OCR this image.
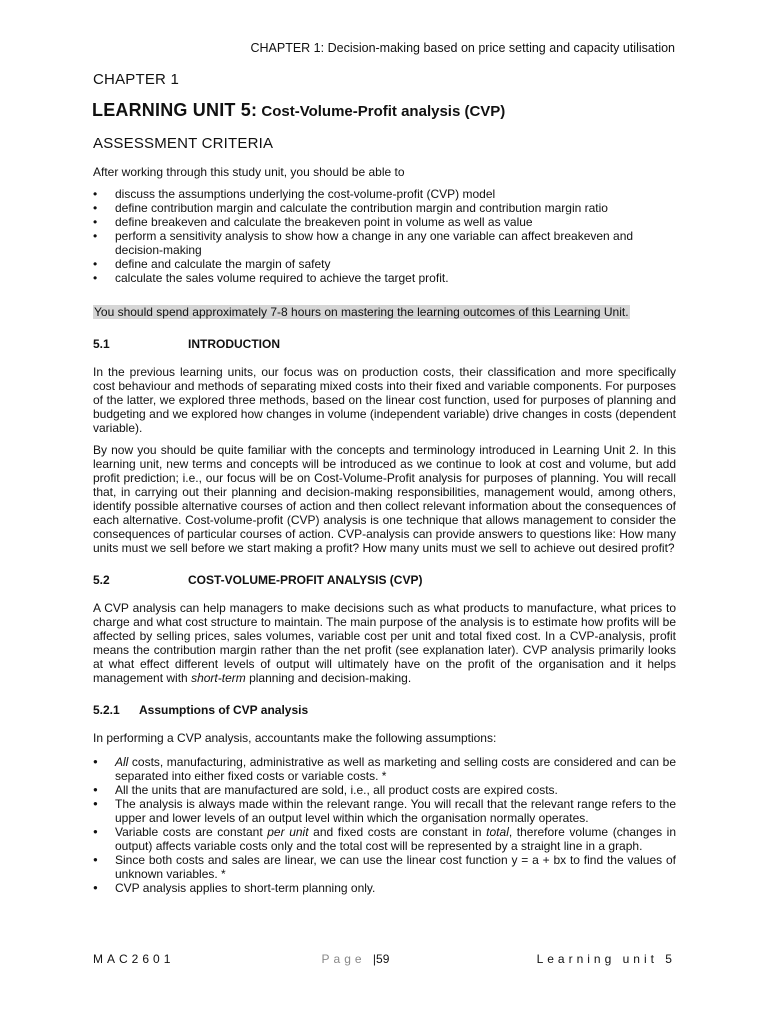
CHAPTER 1: Decision-making based on price setting and capacity utilisation
CHAPTER 1
LEARNING UNIT 5: Cost-Volume-Profit analysis (CVP)
ASSESSMENT CRITERIA

After working through this study unit, you should be able to

• discuss the assumptions underlying the cost-volume-profit (CVP) model
• define contribution margin and calculate the contribution margin and contribution margin ratio
• define breakeven and calculate the breakeven point in volume as well as value
• perform a sensitivity analysis to show how a change in any one variable can affect breakeven and decision-making
• define and calculate the margin of safety
• calculate the sales volume required to achieve the target profit.
You should spend approximately 7-8 hours on mastering the learning outcomes of this Learning Unit.
5.1	INTRODUCTION

In the previous learning units, our focus was on production costs, their classification and more specifically cost behaviour and methods of separating mixed costs into their fixed and variable components. For purposes of the latter, we explored three methods, based on the linear cost function, used for purposes of planning and budgeting and we explored how changes in volume (independent variable) drive changes in costs (dependent variable).

By now you should be quite familiar with the concepts and terminology introduced in Learning Unit 2. In this learning unit, new terms and concepts will be introduced as we continue to look at cost and volume, but add profit prediction; i.e., our focus will be on Cost-Volume-Profit analysis for purposes of planning. You will recall that, in carrying out their planning and decision-making responsibilities, management would, among others, identify possible alternative courses of action and then collect relevant information about the consequences of each alternative. Cost-volume-profit (CVP) analysis is one technique that allows management to consider the consequences of particular courses of action. CVP-analysis can provide answers to questions like: How many units must we sell before we start making a profit? How many units must we sell to achieve out desired profit?

5.2	COST-VOLUME-PROFIT ANALYSIS (CVP)

A CVP analysis can help managers to make decisions such as what products to manufacture, what prices to charge and what cost structure to maintain. The main purpose of the analysis is to estimate how profits will be affected by selling prices, sales volumes, variable cost per unit and total fixed cost. In a CVP-analysis, profit means the contribution margin rather than the net profit (see explanation later). CVP analysis primarily looks at what effect different levels of output will ultimately have on the profit of the organisation and it helps management with short-term planning and decision-making.

5.2.1	Assumptions of CVP analysis

In performing a CVP analysis, accountants make the following assumptions:

● All costs, manufacturing, administrative as well as marketing and selling costs are considered and can be separated into either fixed costs or variable costs. *
● All the units that are manufactured are sold, i.e., all product costs are expired costs.
● The analysis is always made within the relevant range. You will recall that the relevant range refers to the upper and lower levels of an output level within which the organisation normally operates.
● Variable costs are constant per unit and fixed costs are constant in total, therefore volume (changes in output) affects variable costs only and the total cost will be represented by a straight line in a graph.
● Since both costs and sales are linear, we can use the linear cost function y = a + bx to find the values of unknown variables. *
● CVP analysis applies to short-term planning only.
MAC2601	Page |59	Learning unit 5
